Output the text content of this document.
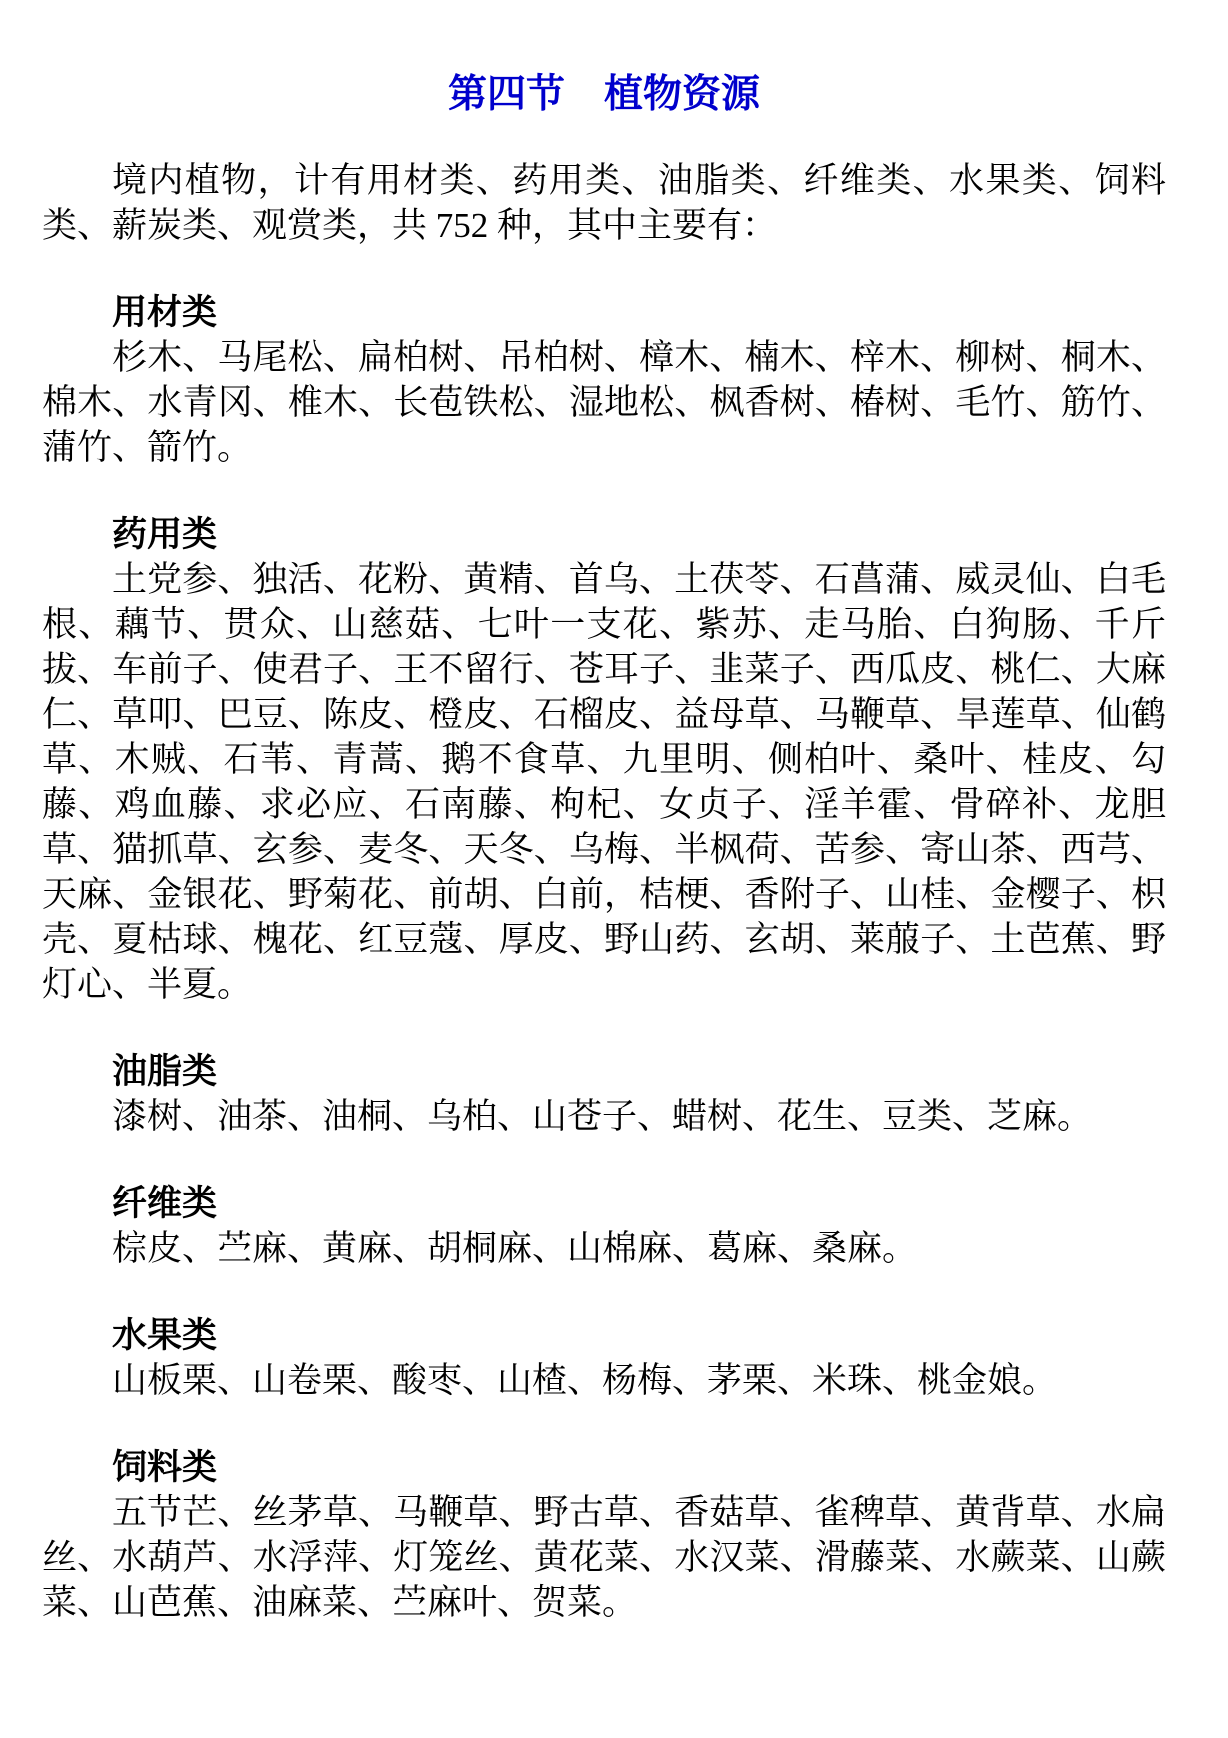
第四节　植物资源

境内植物，计有用材类、药用类、油脂类、纤维类、水果类、饲料类、薪炭类、观赏类，共 752 种，其中主要有：

用材类

杉木、马尾松、扁柏树、吊柏树、樟木、楠木、梓木、柳树、桐木、棉木、水青冈、椎木、长苞铁松、湿地松、枫香树、椿树、毛竹、筋竹、蒲竹、箭竹。

药用类

土党参、独活、花粉、黄精、首乌、土茯苓、石菖蒲、威灵仙、白毛根、藕节、贯众、山慈菇、七叶一支花、紫苏、走马胎、白狗肠、千斤拔、车前子、使君子、王不留行、苍耳子、韭菜子、西瓜皮、桃仁、大麻仁、草叩、巴豆、陈皮、橙皮、石榴皮、益母草、马鞭草、旱莲草、仙鹤草、木贼、石苇、青蒿、鹅不食草、九里明、侧柏叶、桑叶、桂皮、勾藤、鸡血藤、求必应、石南藤、枸杞、女贞子、淫羊霍、骨碎补、龙胆草、猫抓草、玄参、麦冬、天冬、乌梅、半枫荷、苦参、寄山茶、西芎、天麻、金银花、野菊花、前胡、白前，桔梗、香附子、山桂、金樱子、枳壳、夏枯球、槐花、红豆蔻、厚皮、野山药、玄胡、莱菔子、土芭蕉、野灯心、半夏。

油脂类

漆树、油茶、油桐、乌柏、山苍子、蜡树、花生、豆类、芝麻。

纤维类

棕皮、苎麻、黄麻、胡桐麻、山棉麻、葛麻、桑麻。

水果类

山板栗、山卷栗、酸枣、山楂、杨梅、茅栗、米珠、桃金娘。

饲料类

五节芒、丝茅草、马鞭草、野古草、香菇草、雀稗草、黄背草、水扁丝、水葫芦、水浮萍、灯笼丝、黄花菜、水汉菜、滑藤菜、水蕨菜、山蕨菜、山芭蕉、油麻菜、苎麻叶、贺菜。
